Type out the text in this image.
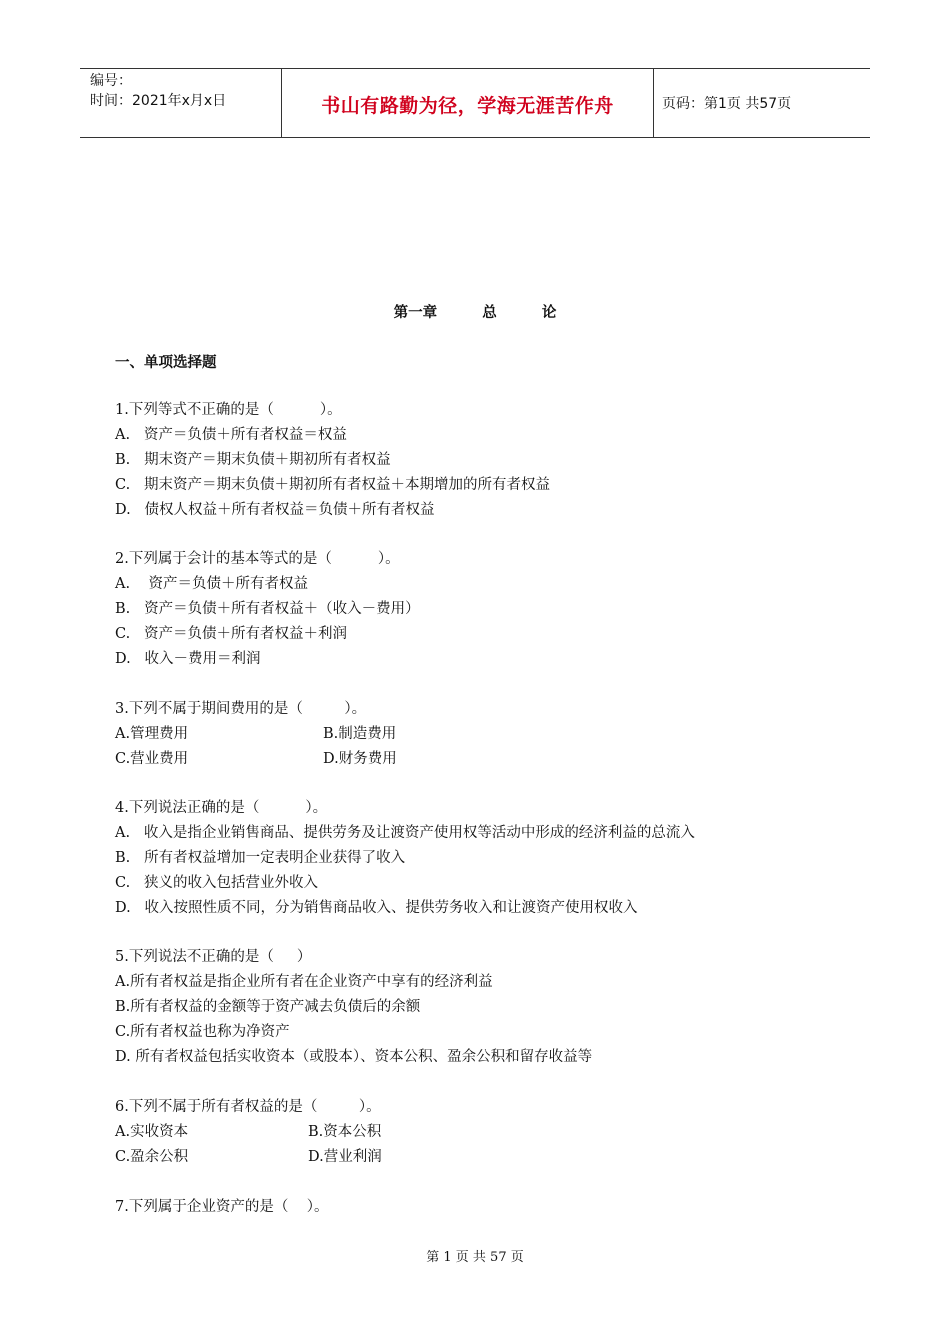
编号：
时间：2021年x月x日	书山有路勤为径，学海无涯苦作舟	页码：第1页 共57页
第一章   总   论
一、单项选择题
1.下列等式不正确的是（          ）。
A.   资产＝负债＋所有者权益＝权益
B.   期末资产＝期末负债＋期初所有者权益
C.   期末资产＝期末负债＋期初所有者权益＋本期增加的所有者权益
D.   债权人权益＋所有者权益＝负债＋所有者权益
2.下列属于会计的基本等式的是（          ）。
A.    资产＝负债＋所有者权益
B.   资产＝负债＋所有者权益＋（收入－费用）
C.   资产＝负债＋所有者权益＋利润
D.   收入－费用＝利润
3.下列不属于期间费用的是（         ）。
A.管理费用	B.制造费用
C.营业费用	D.财务费用
4.下列说法正确的是（          ）。
A.   收入是指企业销售商品、提供劳务及让渡资产使用权等活动中形成的经济利益的总流入
B.   所有者权益增加一定表明企业获得了收入
C.   狭义的收入包括营业外收入
D.   收入按照性质不同，分为销售商品收入、提供劳务收入和让渡资产使用权收入
5.下列说法不正确的是（     ）
A.所有者权益是指企业所有者在企业资产中享有的经济利益
B.所有者权益的金额等于资产减去负债后的余额
C.所有者权益也称为净资产
D. 所有者权益包括实收资本（或股本）、资本公积、盈余公积和留存收益等
6.下列不属于所有者权益的是（         ）。
A.实收资本	B.资本公积
C.盈余公积	D.营业利润
7.下列属于企业资产的是（    ）。
第 1 页 共 57 页
